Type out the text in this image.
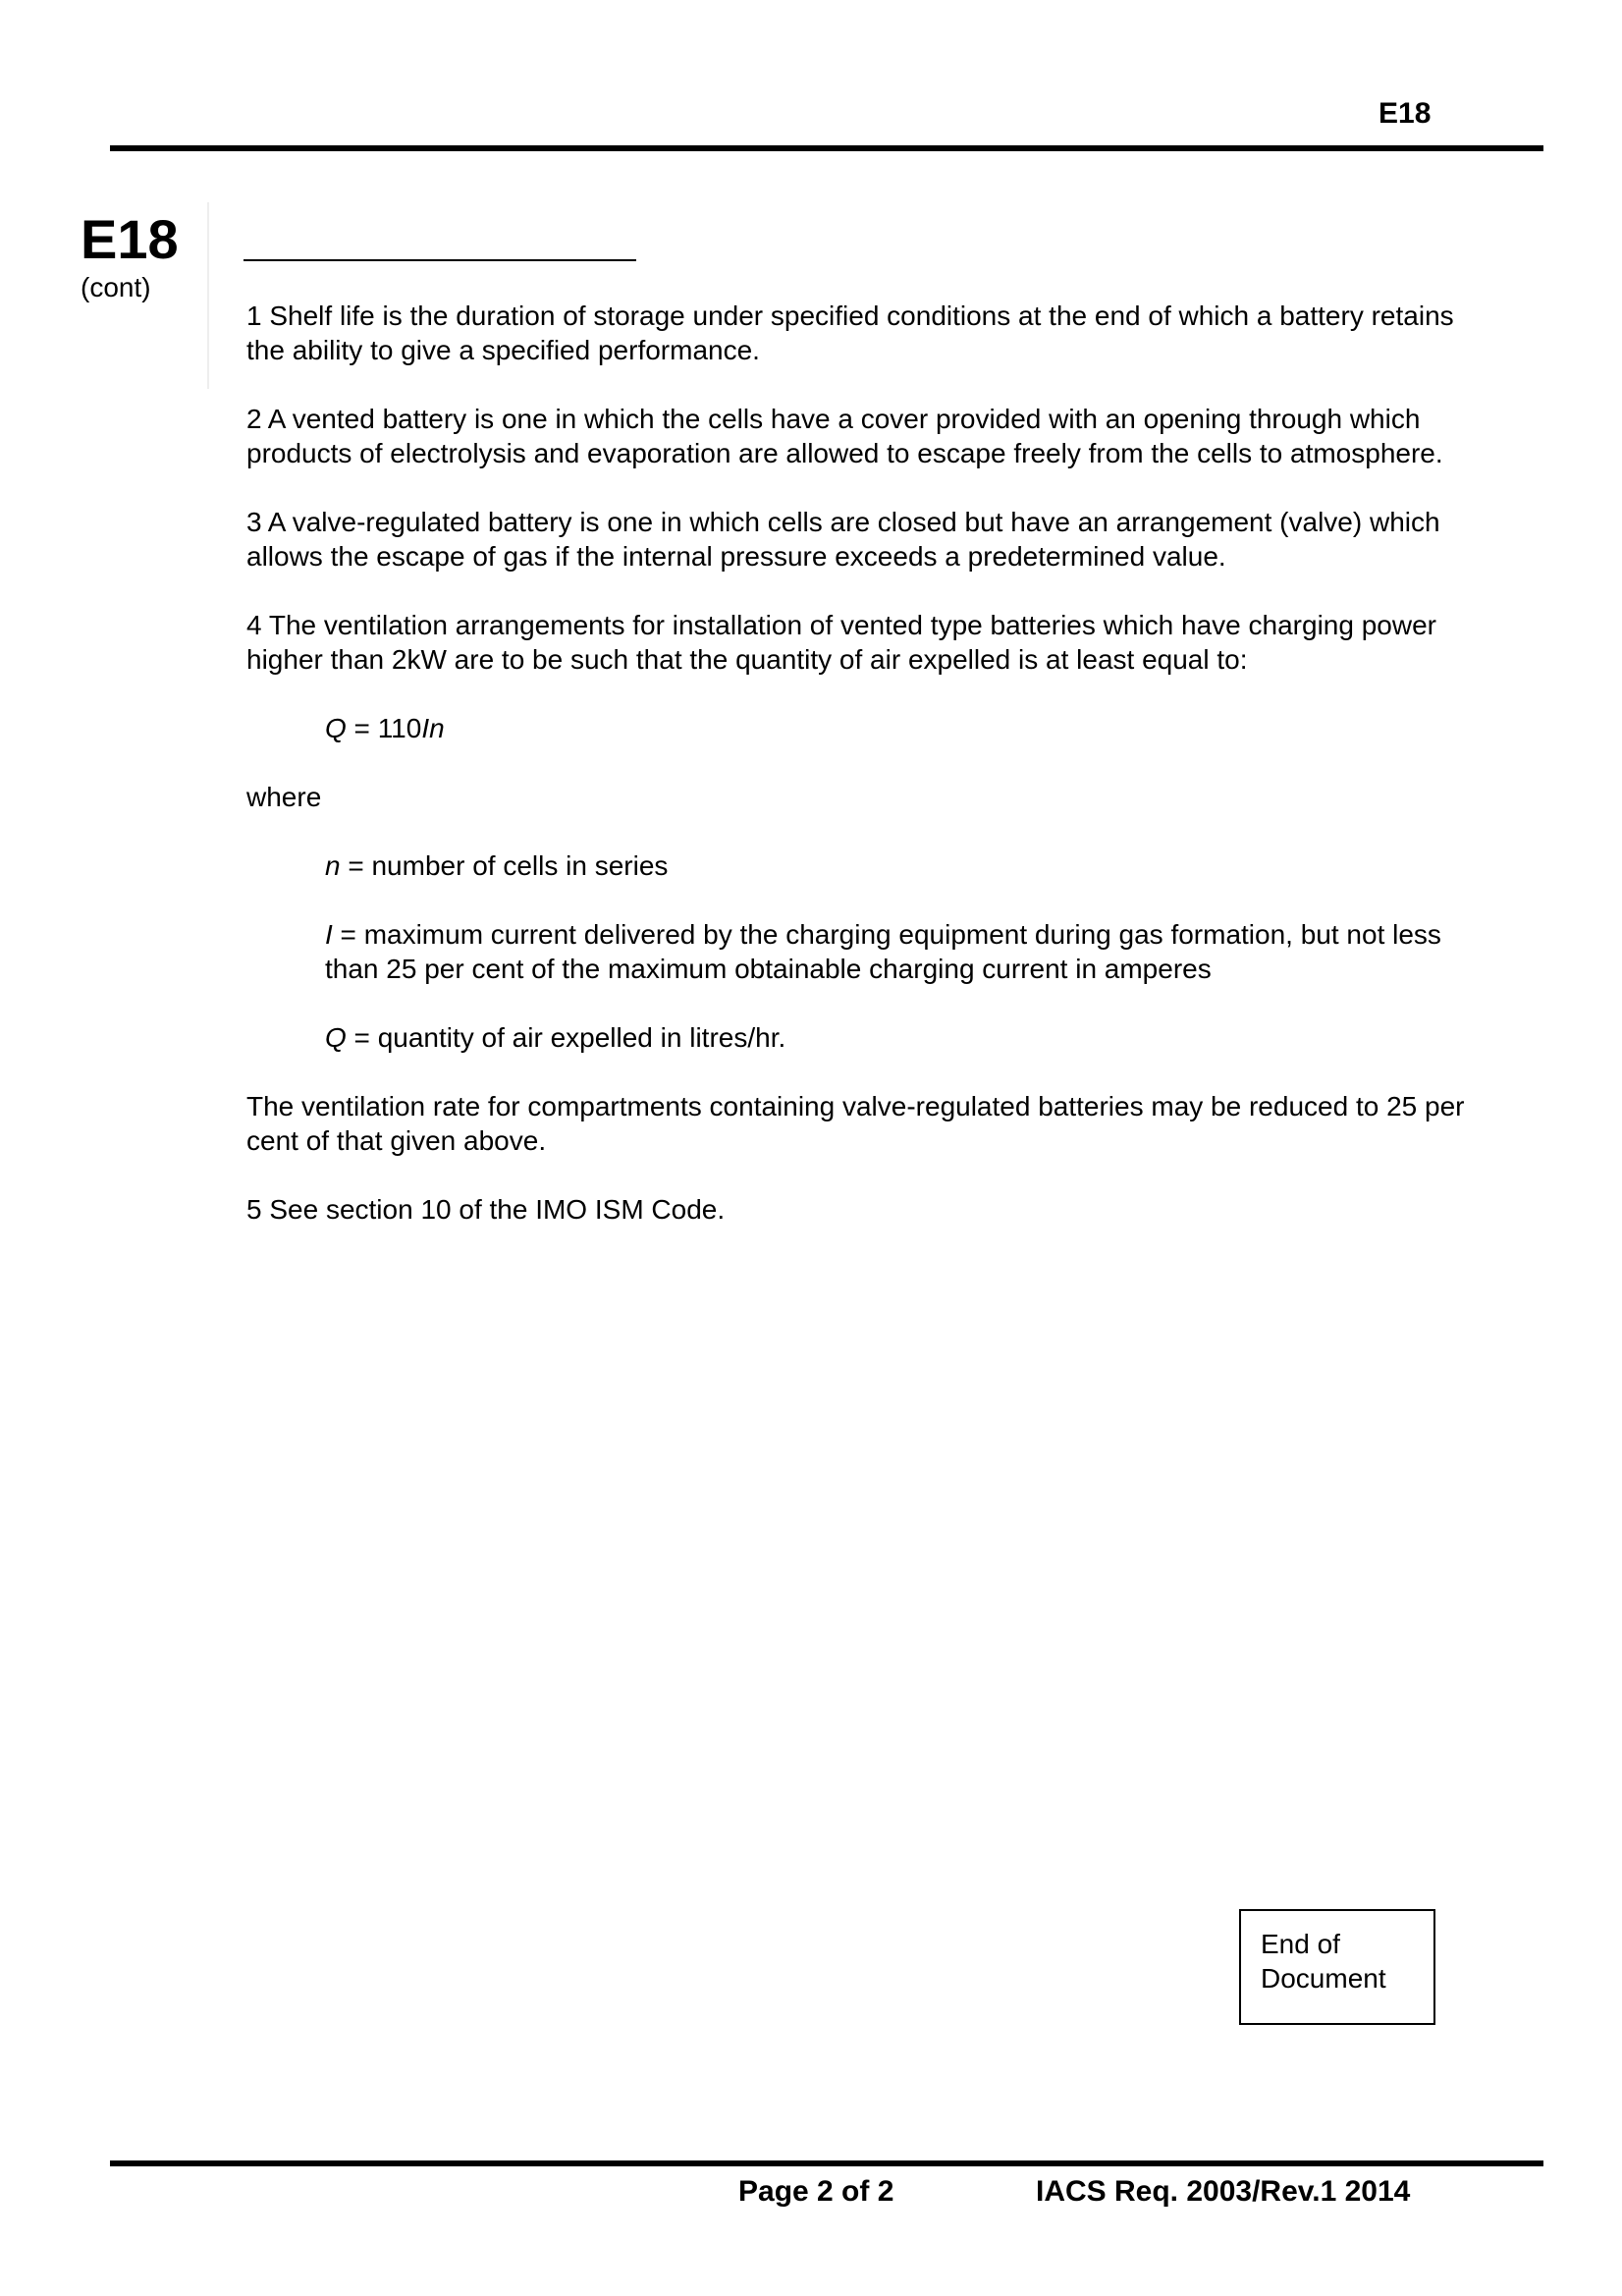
E18
E18
(cont)

1 Shelf life is the duration of storage under specified conditions at the end of which a battery retains the ability to give a specified performance.

2 A vented battery is one in which the cells have a cover provided with an opening through which products of electrolysis and evaporation are allowed to escape freely from the cells to atmosphere.

3 A valve-regulated battery is one in which cells are closed but have an arrangement (valve) which allows the escape of gas if the internal pressure exceeds a predetermined value.

4 The ventilation arrangements for installation of vented type batteries which have charging power higher than 2kW are to be such that the quantity of air expelled is at least equal to:

Q = 110In

where

n = number of cells in series

I = maximum current delivered by the charging equipment during gas formation, but not less than 25 per cent of the maximum obtainable charging current in amperes

Q = quantity of air expelled in litres/hr.

The ventilation rate for compartments containing valve-regulated batteries may be reduced to 25 per cent of that given above.

5 See section 10 of the IMO ISM Code.

End of
Document
Page 2 of 2	IACS Req. 2003/Rev.1 2014
